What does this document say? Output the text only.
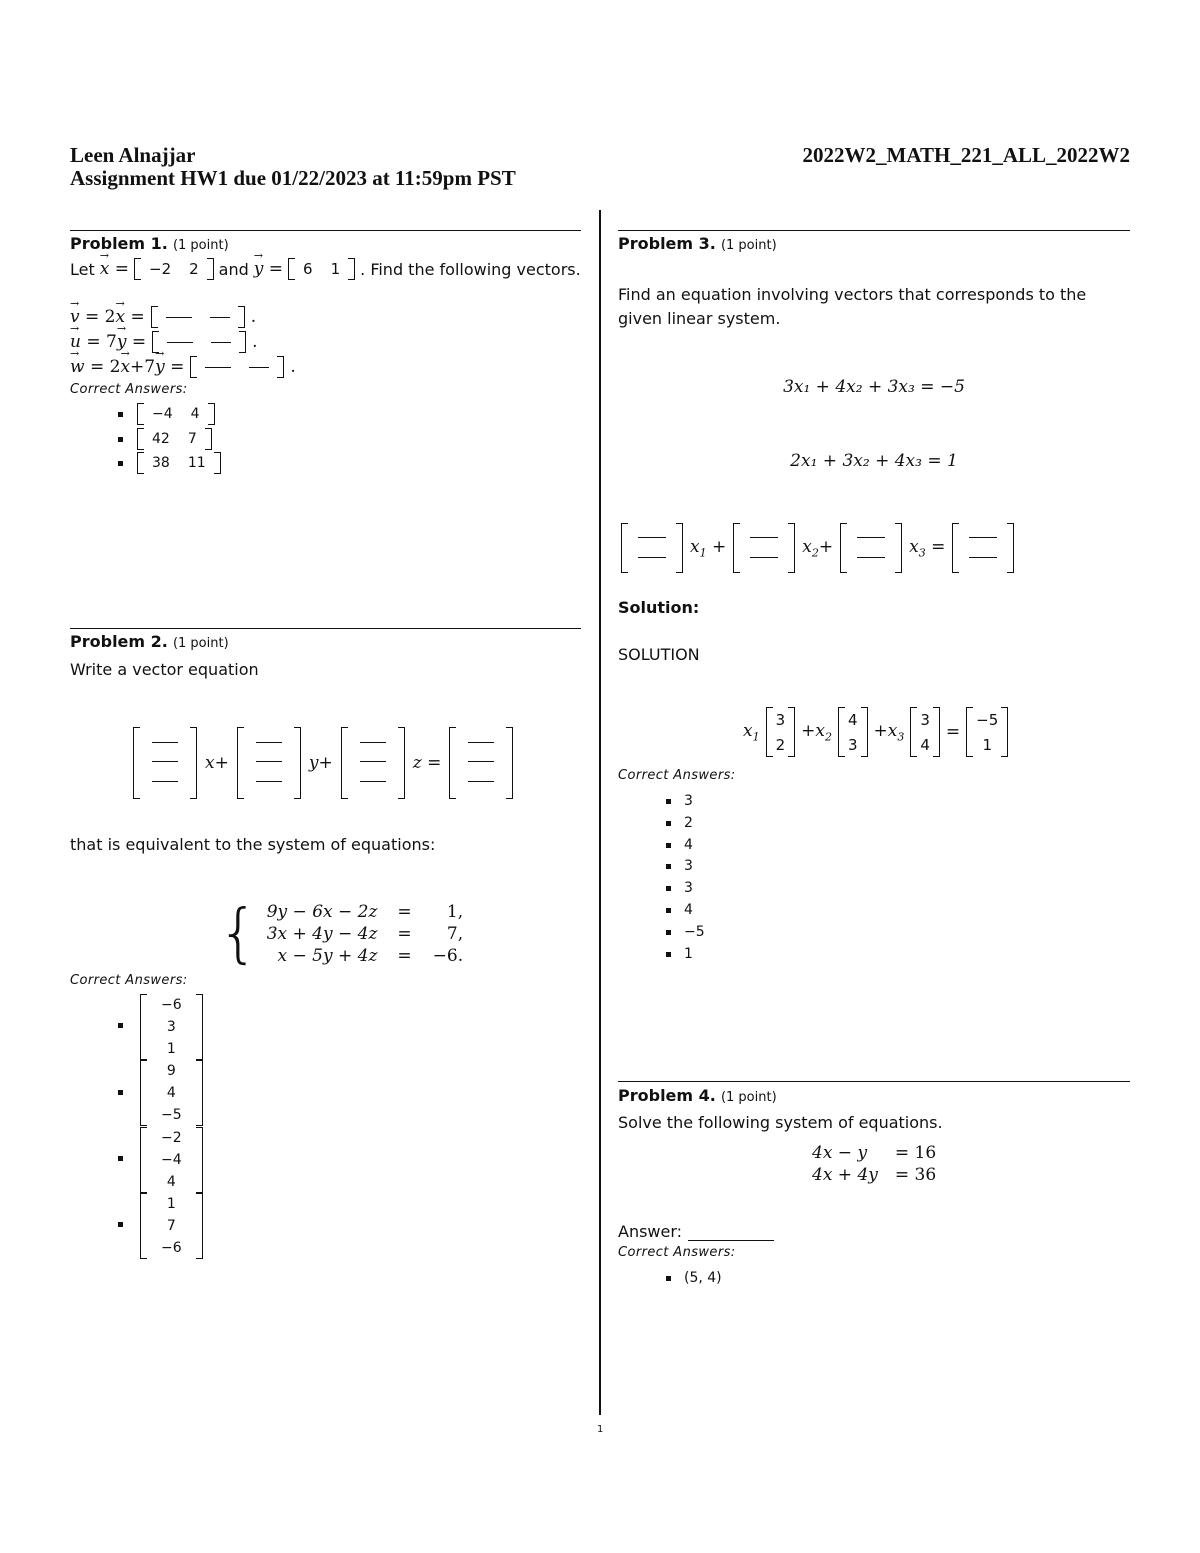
Leen Alnajjar	2022W2_MATH_221_ALL_2022W2
Assignment HW1 due 01/22/2023 at 11:59pm PST
Problem 1. (1 point)
Let → x = −2 2 and → y = 6 1 . Find the following vectors.
→ v = 2→ x =	.
→ u = 7→ y =	.
→ w = 2→ x+7→ y =	.
Correct Answers:
−4 4
42 7
38 11
Problem 2. (1 point)
Write a vector equation
x+	y+	z =
that is equivalent to the system of equations:
{ 9y − 6x − 2z	=	1,
3x + 4y − 4z	=	7,
x − 5y + 4z	=	−6.
Correct Answers:
−6
3
1
9
4
−5
−2
−4
4
1
7
−6
Problem 3. (1 point)
Find an equation involving vectors that corresponds to the given linear system.
3x₁ + 4x₂ + 3x₃ = −5
2x₁ + 3x₂ + 4x₃ = 1
$x_1$ +	$x_2+$	$x_3$ =
Solution:
SOLUTION
$x_1$
3
2
$+x_2$
4
3
$+x_3$
3
4
=
−5
1
Correct Answers:
3
2
4
3
3
4
−5
1
Problem 4. (1 point)
Solve the following system of equations.
4x − y	= 16
4x + 4y	= 36
Answer:
Correct Answers:
(5, 4)
1
